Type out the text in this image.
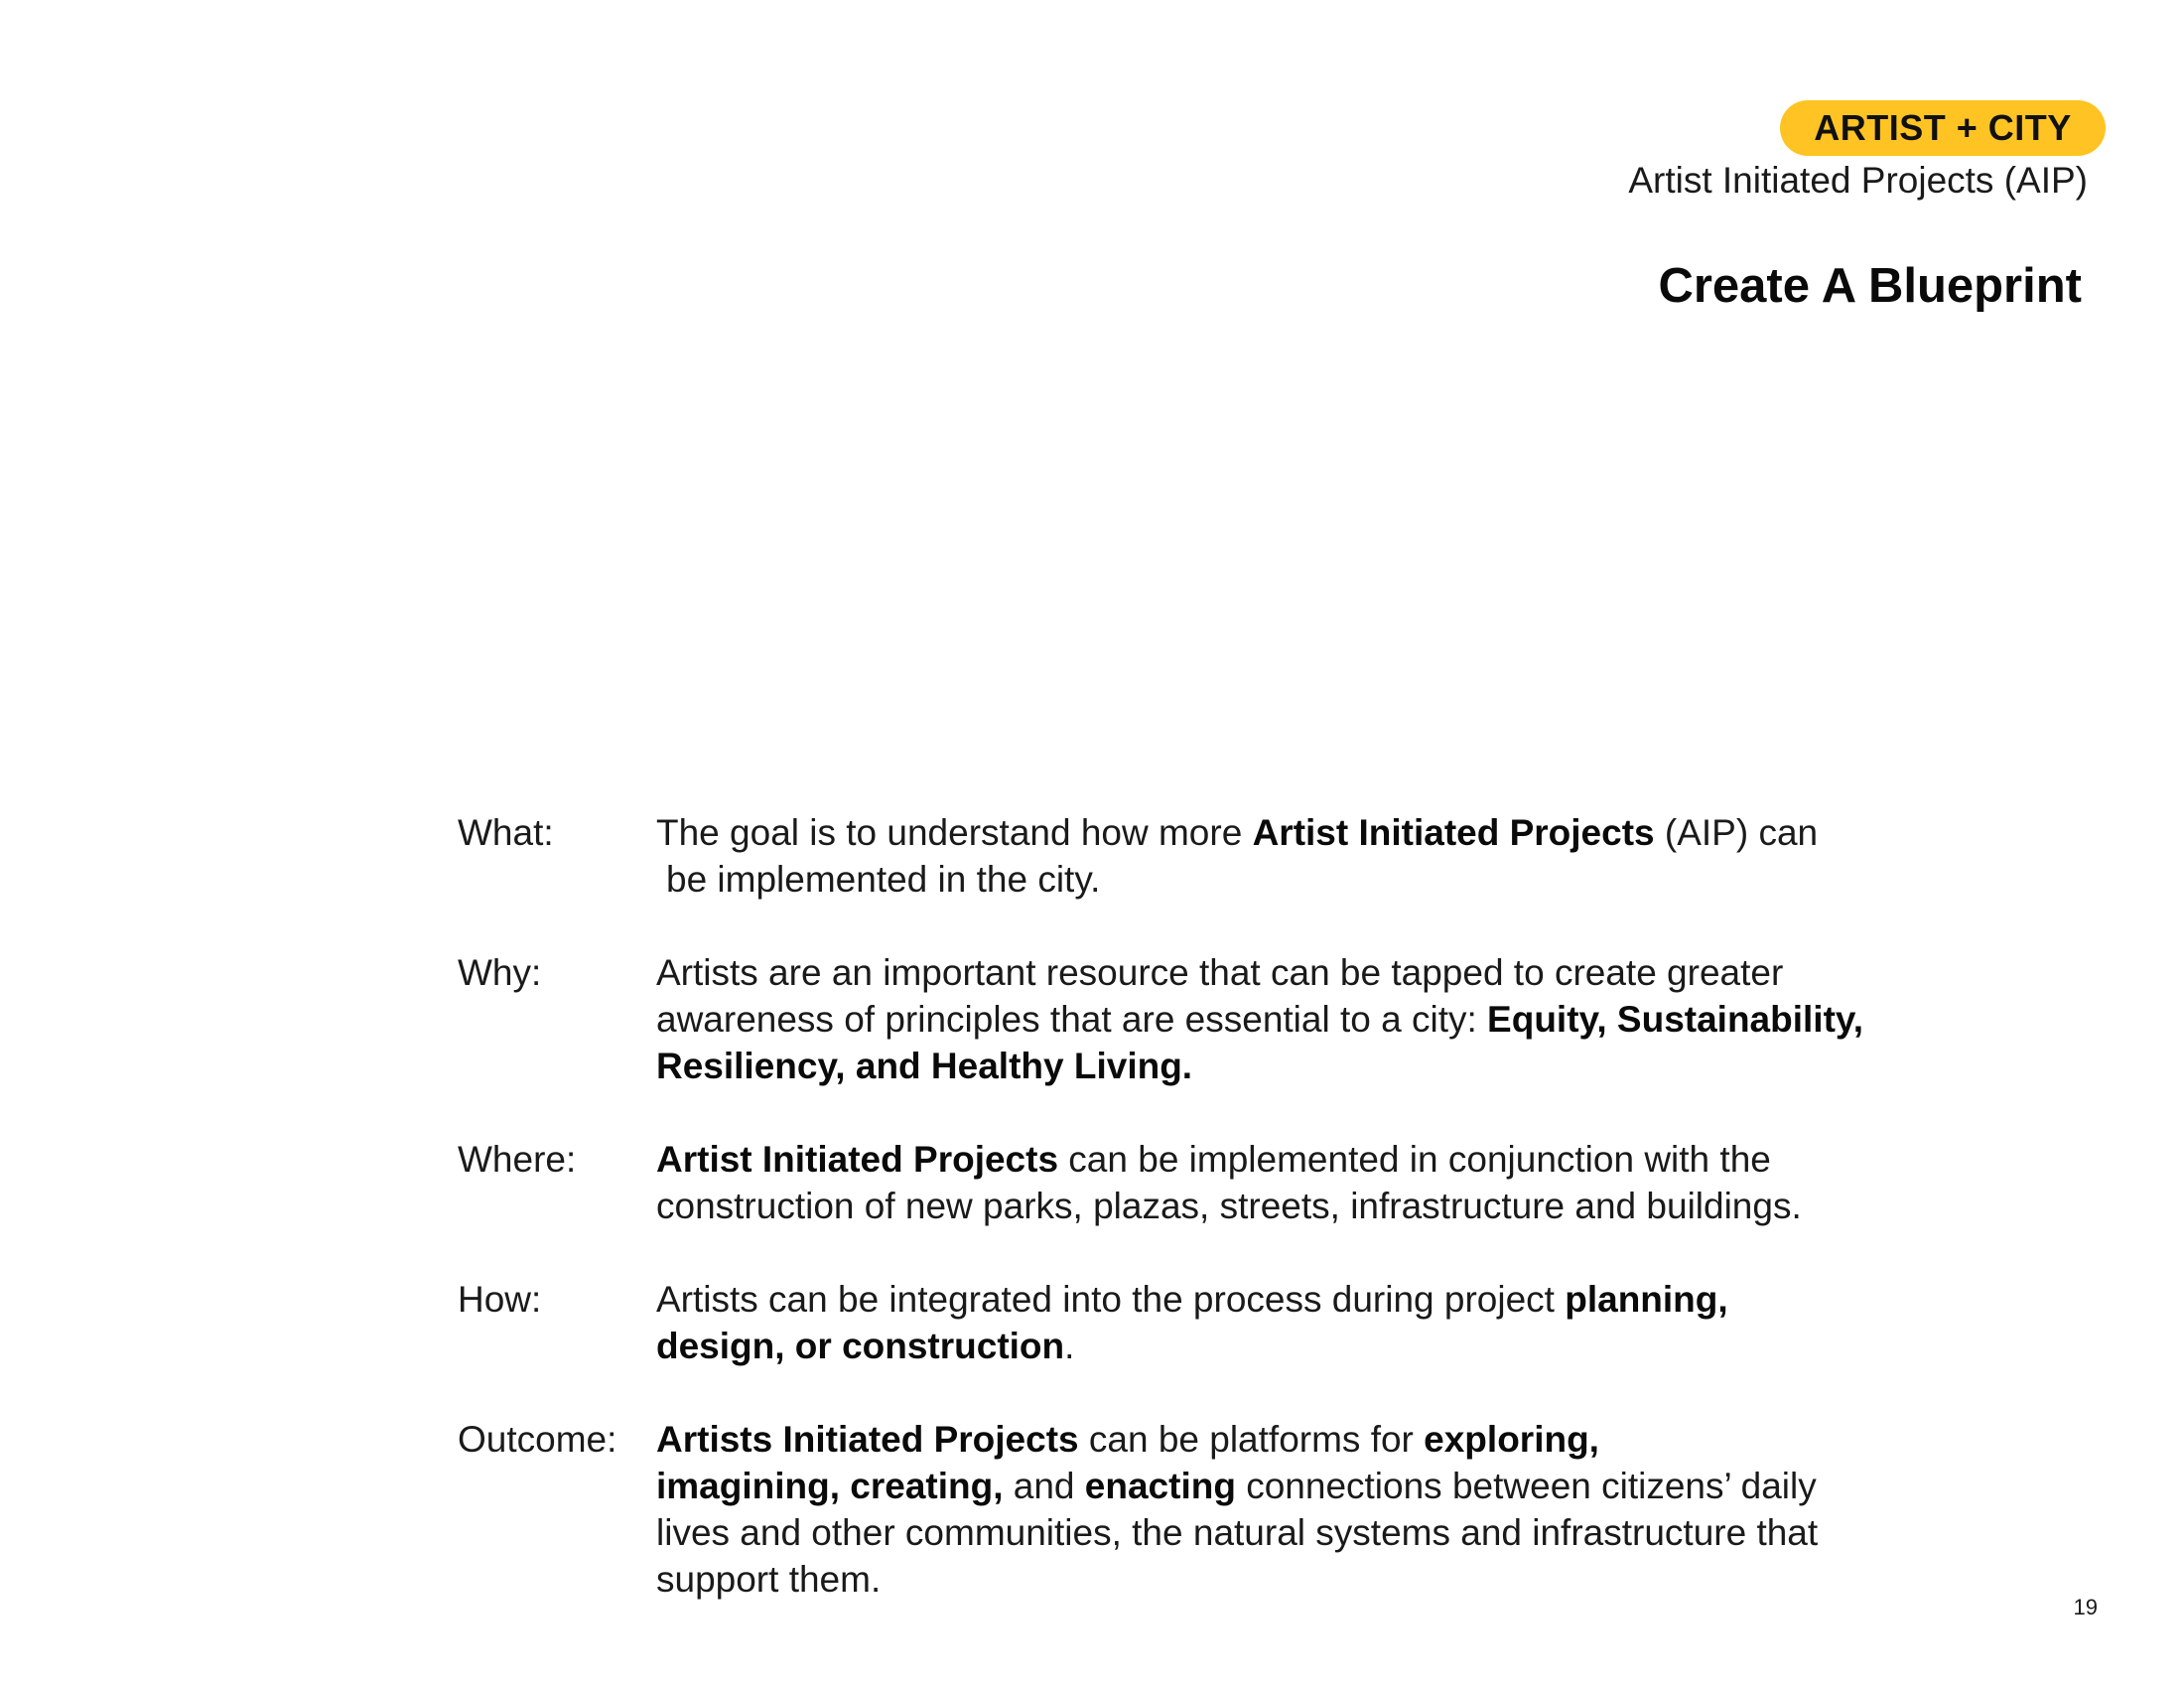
ARTIST + CITY
Artist Initiated Projects (AIP)
Create A Blueprint
What:	The goal is to understand how more Artist Initiated Projects (AIP) can
be implemented in the city.
Why:	Artists are an important resource that can be tapped to create greater
awareness of principles that are essential to a city: Equity, Sustainability,
Resiliency, and Healthy Living.
Where: Artist Initiated Projects can be implemented in conjunction with the
construction of new parks, plazas, streets, infrastructure and buildings.
How:	Artists can be integrated into the process during project planning,
design, or construction.
Outcome: Artists Initiated Projects can be platforms for exploring,
imagining, creating, and enacting connections between citizens’ daily
lives and other communities, the natural systems and infrastructure that
support them.
19
